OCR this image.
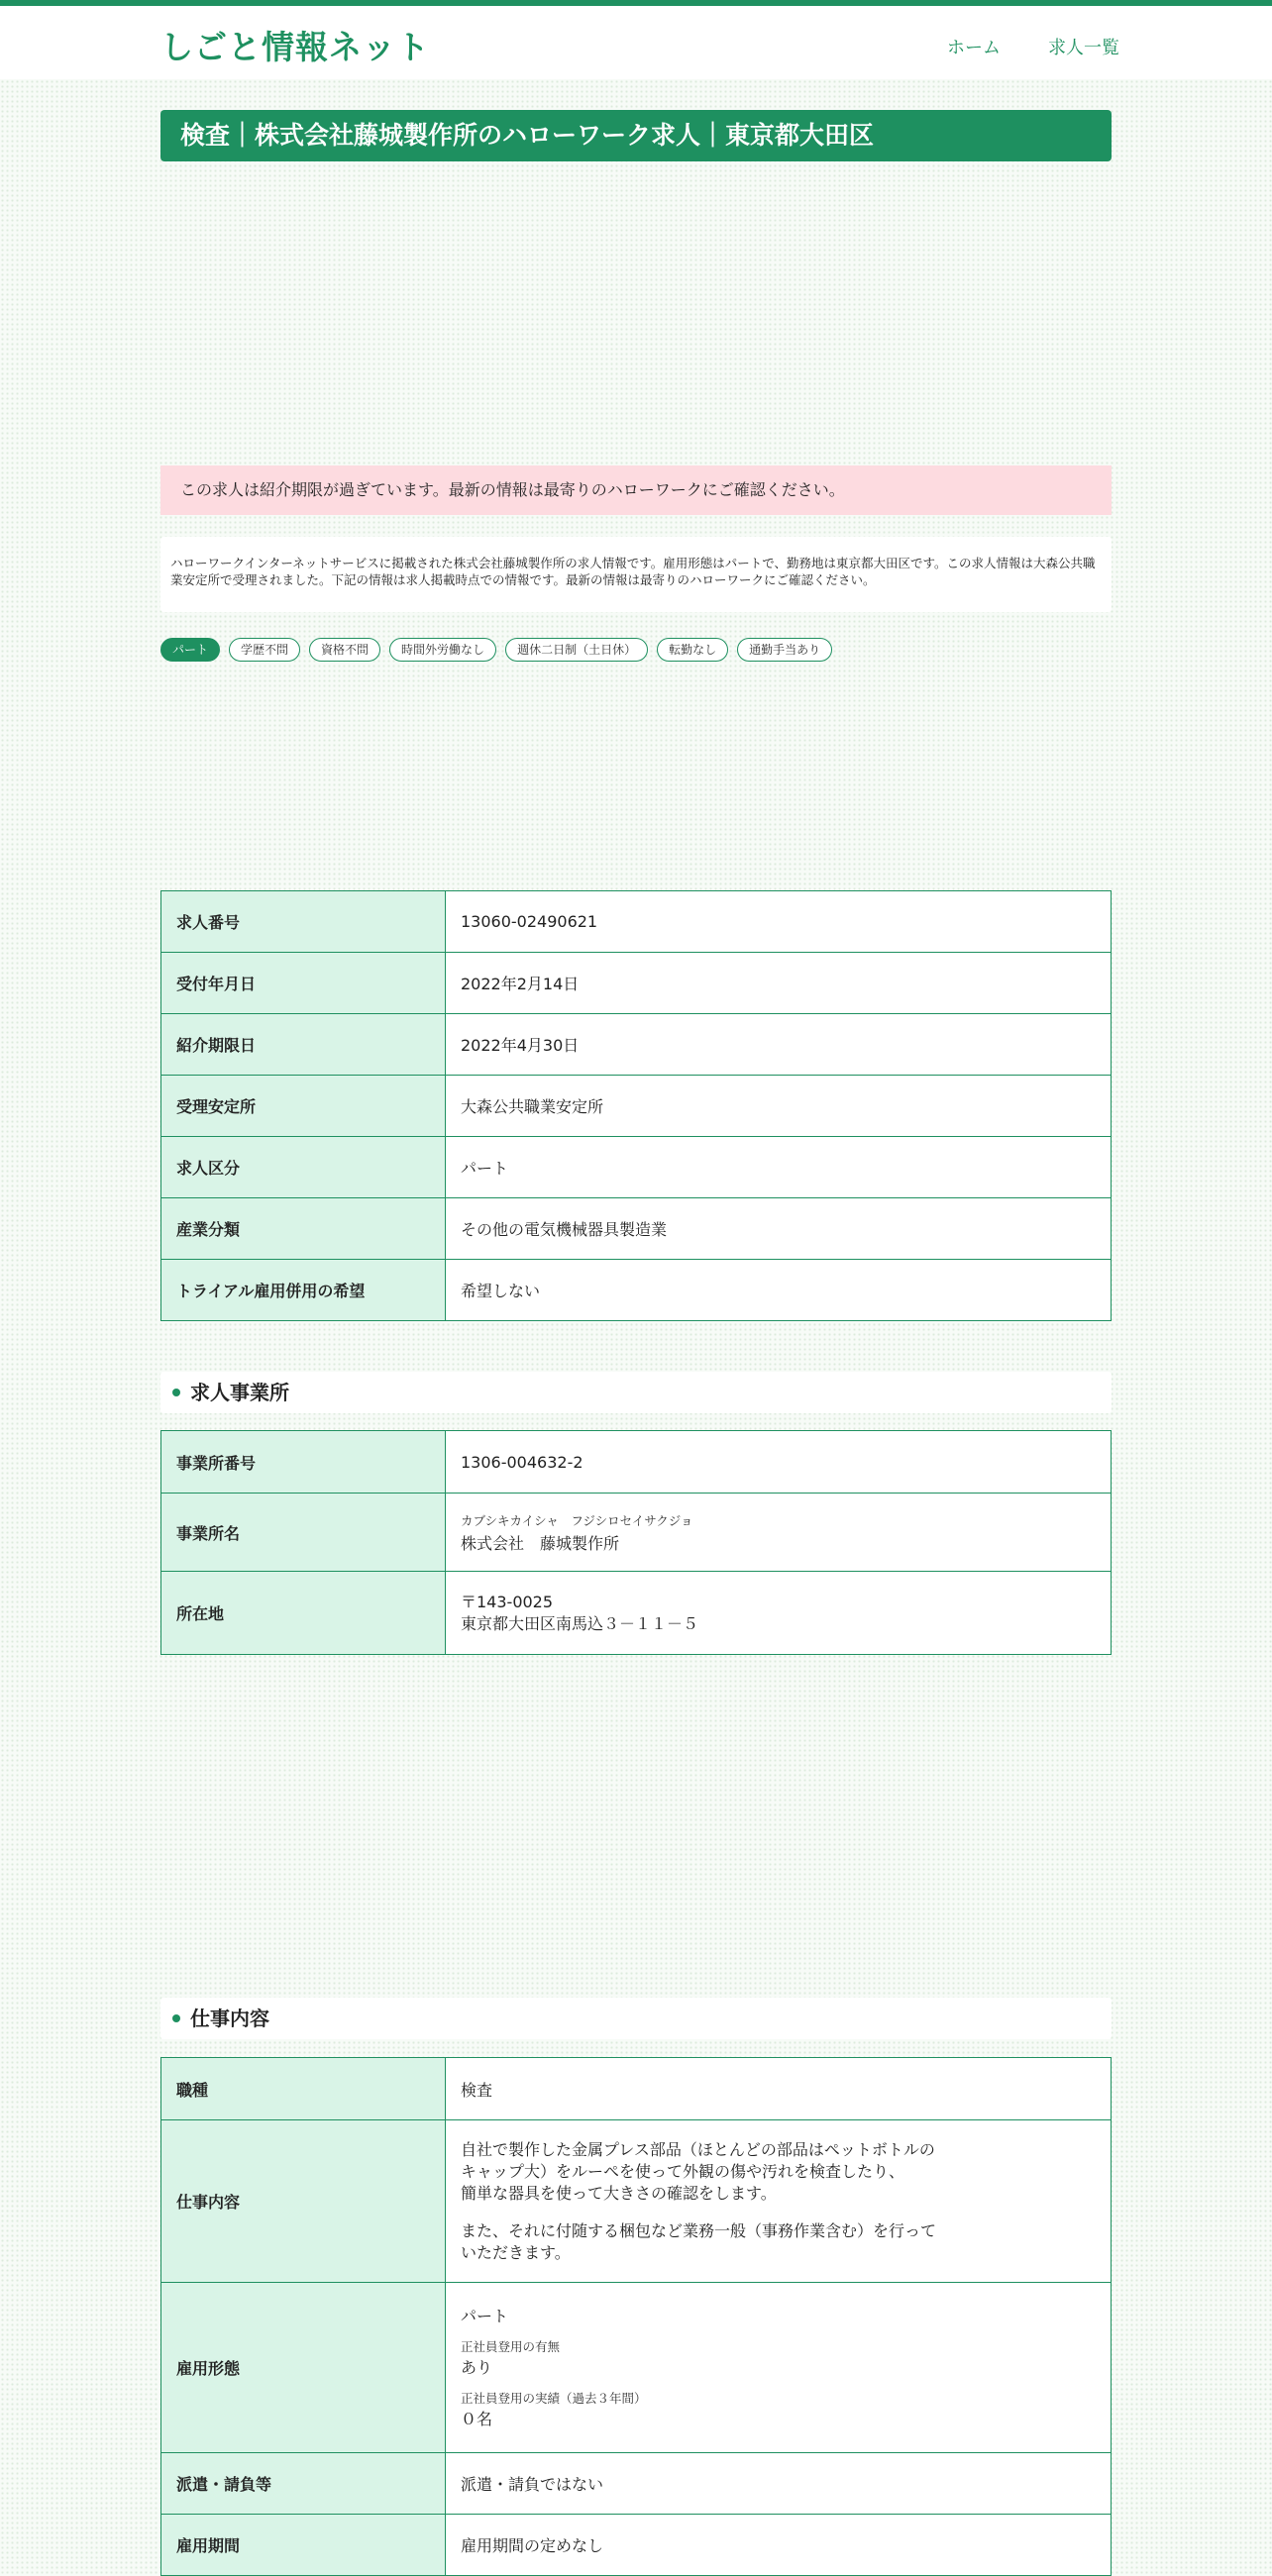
しごと情報ネット	ホーム	求人一覧
検査｜株式会社藤城製作所のハローワーク求人｜東京都大田区
この求人は紹介期限が過ぎています。最新の情報は最寄りのハローワークにご確認ください。
ハローワークインターネットサービスに掲載された株式会社藤城製作所の求人情報です。雇用形態はパートで、勤務地は東京都大田区です。この求人情報は大森公共職業安定所で受理されました。下記の情報は求人掲載時点での情報です。最新の情報は最寄りのハローワークにご確認ください。
パート	学歴不問	資格不問	時間外労働なし	週休二日制（土日休）	転勤なし	通勤手当あり
求人番号	13060-02490621
受付年月日	2022年2月14日
紹介期限日	2022年4月30日
受理安定所	大森公共職業安定所
求人区分	パート
産業分類	その他の電気機械器具製造業
トライアル雇用併用の希望	希望しない
求人事業所
事業所番号	1306-004632-2
事業所名	カブシキカイシャ　フジシロセイサクジョ
株式会社　藤城製作所
所在地	〒143-0025
東京都大田区南馬込３－１１－５
仕事内容
職種	検査
仕事内容	自社で製作した金属プレス部品（ほとんどの部品はペットボトルの
キャップ大）をルーペを使って外観の傷や汚れを検査したり、
簡単な器具を使って大きさの確認をします。
また、それに付随する梱包など業務一般（事務作業含む）を行って
いただきます。

雇用形態	パート
正社員登用の有無
あり
正社員登用の実績（過去３年間）
０名

派遣・請負等	派遣・請負ではない
雇用期間	雇用期間の定めなし
